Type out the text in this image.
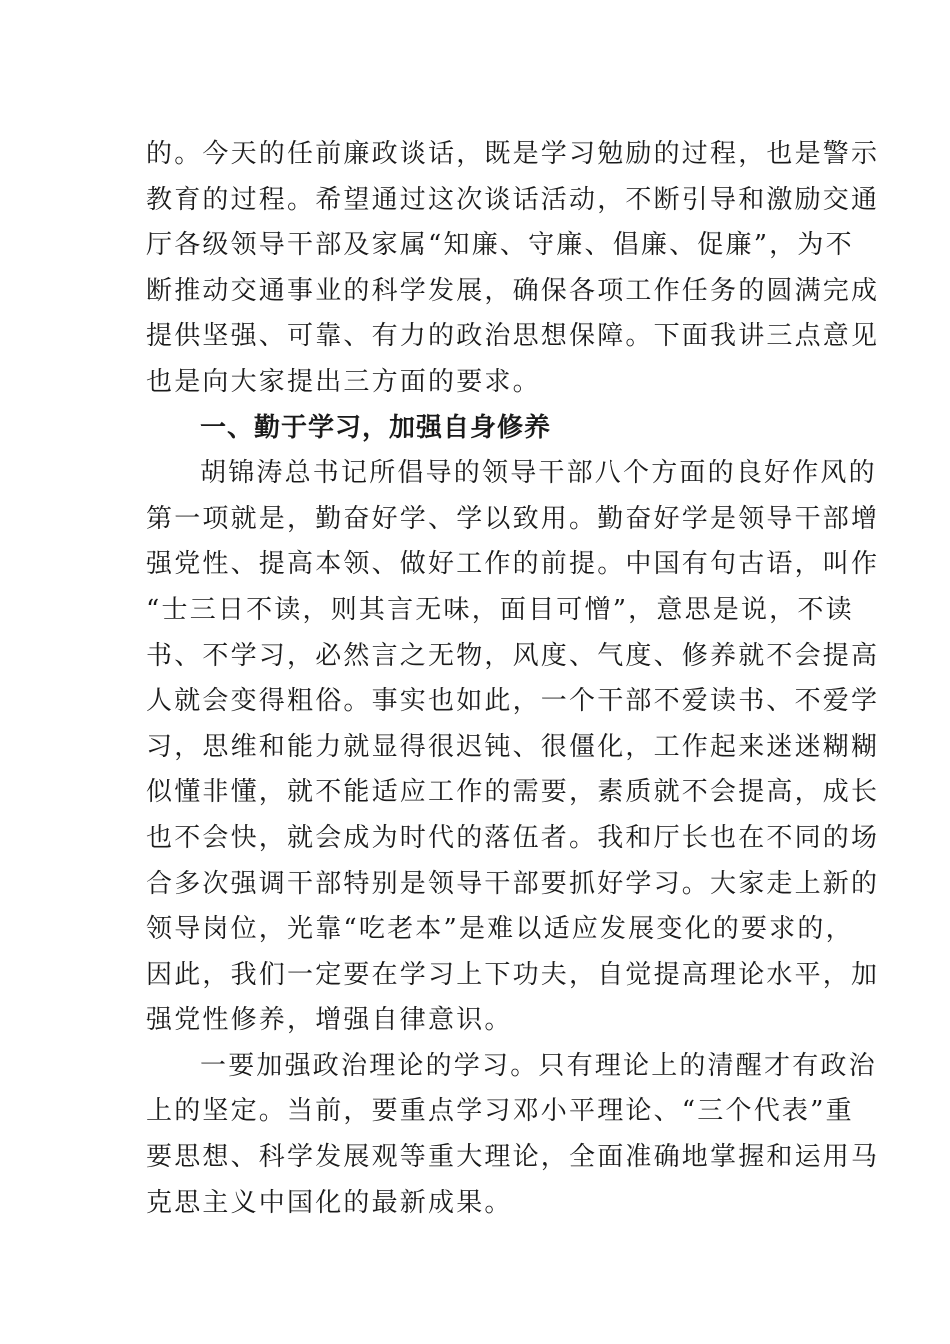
的。今天的任前廉政谈话，既是学习勉励的过程，也是警示
教育的过程。希望通过这次谈话活动，不断引导和激励交通
厅各级领导干部及家属“知廉、守廉、倡廉、促廉”，为不
断推动交通事业的科学发展，确保各项工作任务的圆满完成
提供坚强、可靠、有力的政治思想保障。下面我讲三点意见
也是向大家提出三方面的要求。
一、勤于学习，加强自身修养
胡锦涛总书记所倡导的领导干部八个方面的良好作风的
第一项就是，勤奋好学、学以致用。勤奋好学是领导干部增
强党性、提高本领、做好工作的前提。中国有句古语，叫作
“士三日不读，则其言无味，面目可憎”，意思是说，不读
书、不学习，必然言之无物，风度、气度、修养就不会提高
人就会变得粗俗。事实也如此，一个干部不爱读书、不爱学
习，思维和能力就显得很迟钝、很僵化，工作起来迷迷糊糊
似懂非懂，就不能适应工作的需要，素质就不会提高，成长
也不会快，就会成为时代的落伍者。我和厅长也在不同的场
合多次强调干部特别是领导干部要抓好学习。大家走上新的
领导岗位，光靠“吃老本”是难以适应发展变化的要求的，
因此，我们一定要在学习上下功夫，自觉提高理论水平，加
强党性修养，增强自律意识。
一要加强政治理论的学习。只有理论上的清醒才有政治
上的坚定。当前，要重点学习邓小平理论、“三个代表”重
要思想、科学发展观等重大理论，全面准确地掌握和运用马
克思主义中国化的最新成果。
